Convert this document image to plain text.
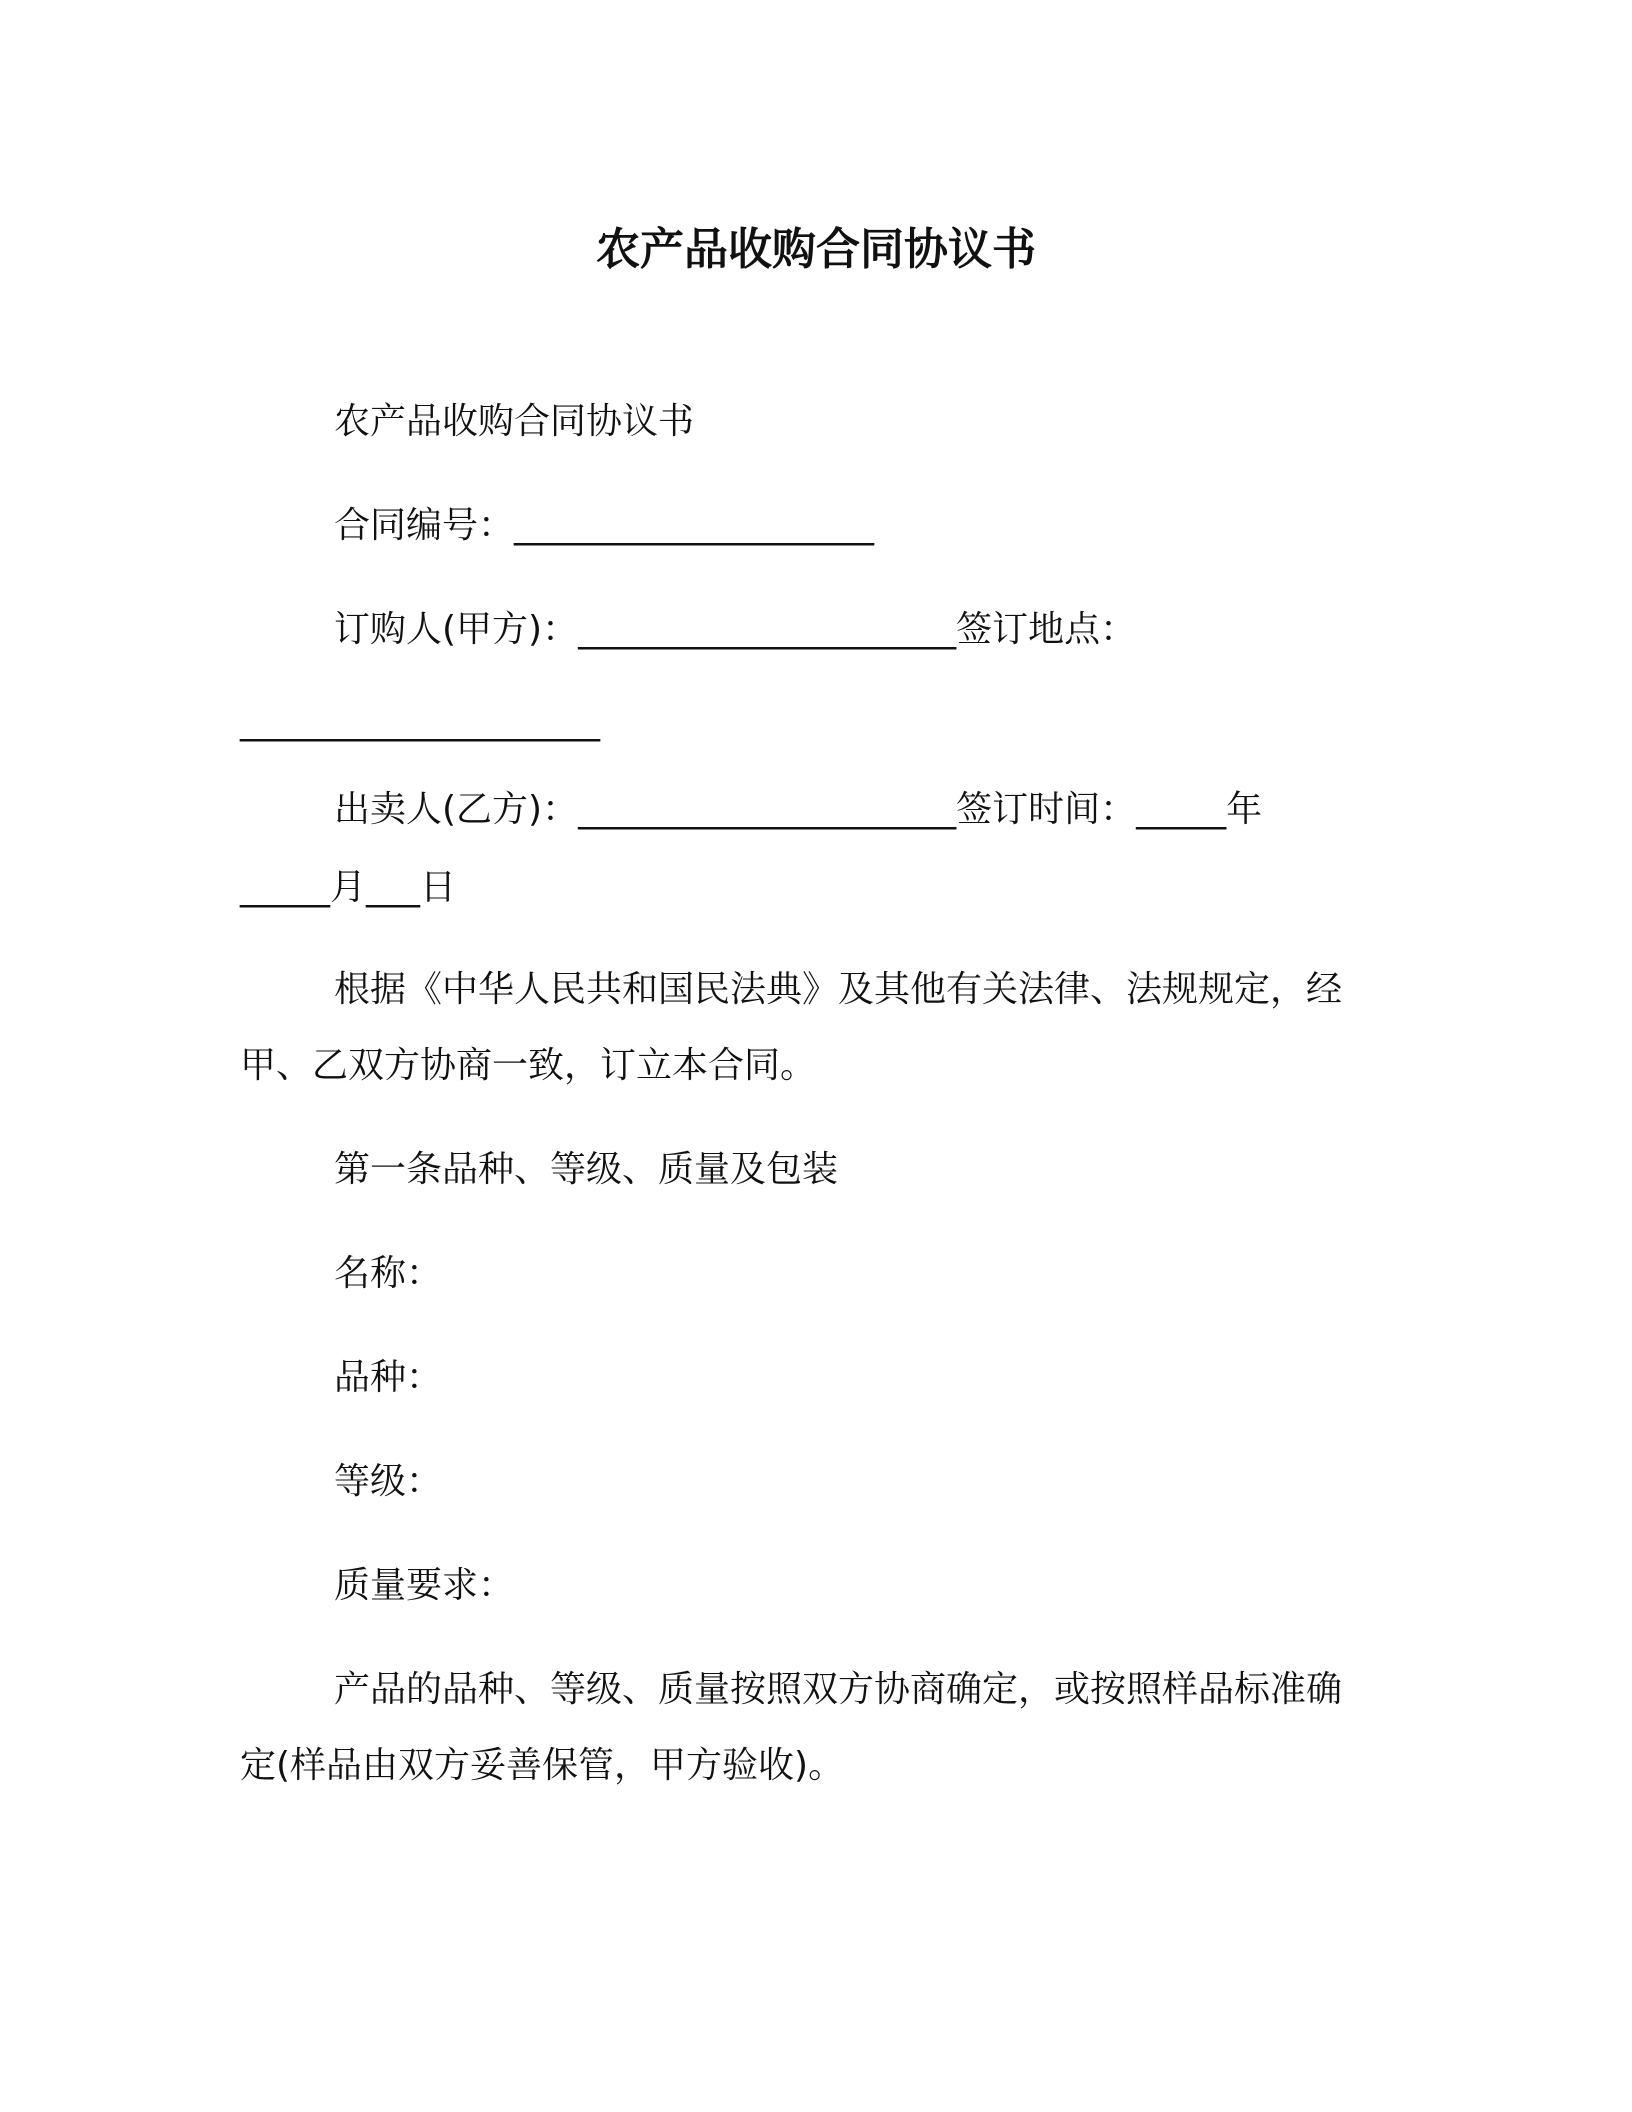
农产品收购合同协议书
农产品收购合同协议书
合同编号：____________________
订购人(甲方)：_____________________签订地点：
____________________
出卖人(乙方)：_____________________签订时间：_____年
_____月___日
根据《中华人民共和国民法典》及其他有关法律、法规规定，经
甲、乙双方协商一致，订立本合同。
第一条品种、等级、质量及包装
名称：
品种：
等级：
质量要求：
产品的品种、等级、质量按照双方协商确定，或按照样品标准确
定(样品由双方妥善保管，甲方验收)。
